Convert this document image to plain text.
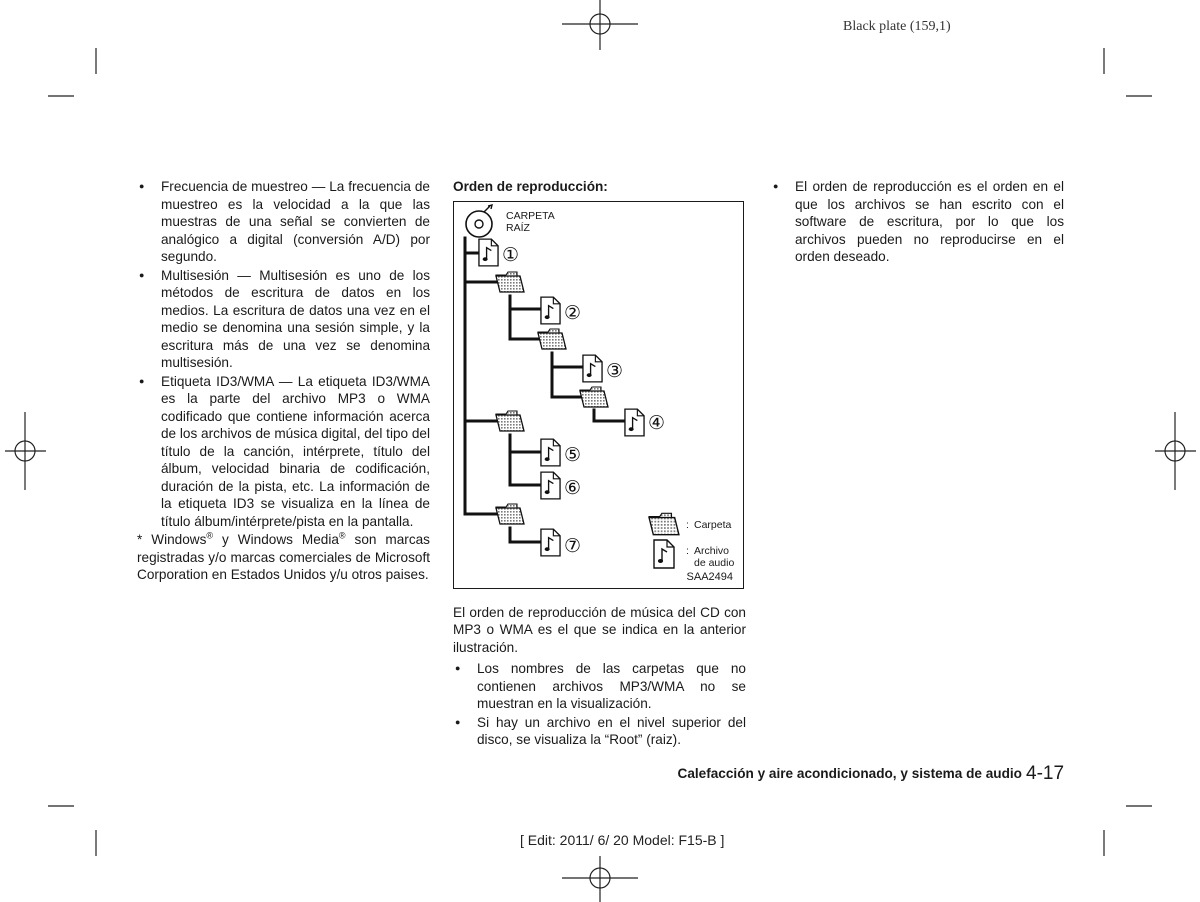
Black plate (159,1)
● Frecuencia de muestreo — La frecuencia de muestreo es la velocidad a la que las muestras de una señal se convierten de analógico a digital (conversión A/D) por segundo.
● Multisesión — Multisesión es uno de los métodos de escritura de datos en los medios. La escritura de datos una vez en el medio se denomina una sesión simple, y la escritura más de una vez se denomina multisesión.
● Etiqueta ID3/WMA — La etiqueta ID3/WMA es la parte del archivo MP3 o WMA codificado que contiene información acerca de los archivos de música digital, del tipo del título de la canción, intérprete, título del álbum, velocidad binaria de codificación, duración de la pista, etc. La información de la etiqueta ID3 se visualiza en la línea de título álbum/intérprete/pista en la pantalla.
* Windows® y Windows Media® son marcas registradas y/o marcas comerciales de Microsoft Corporation en Estados Unidos y/u otros paises.
Orden de reproducción:
①
②
③
④
⑤
⑥
⑦
CARPETA
RAÍZ
: Carpeta
: Archivo
de audio
SAA2494

El orden de reproducción de música del CD con MP3 o WMA es el que se indica en la anterior ilustración.

● Los nombres de las carpetas que no contienen archivos MP3/WMA no se muestran en la visualización.
● Si hay un archivo en el nivel superior del disco, se visualiza la “Root” (raiz).
● El orden de reproducción es el orden en el que los archivos se han escrito con el software de escritura, por lo que los archivos pueden no reproducirse en el orden deseado.
Calefacción y aire acondicionado, y sistema de audio 4-17
[ Edit: 2011/ 6/ 20 Model: F15-B ]
